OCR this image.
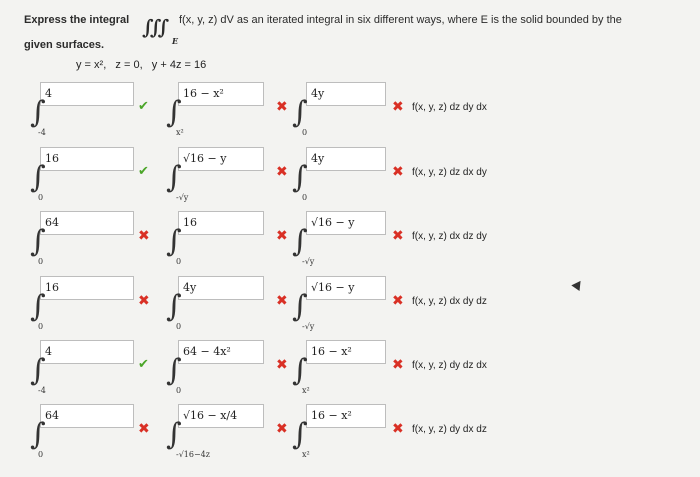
Express the integral ∭
E
f(x, y, z) dV as an iterated integral in six different ways, where E is the solid bounded by the
given surfaces.
y = x²,   z = 0,   y + 4z = 16
4
∫
-4
✔
16 − x²
∫
x²
✖
4y
∫
0
✖ f(x, y, z) dz dy dx
16
∫
0
✔
√16 − y
∫
-√y
✖
4y
∫
0
✖ f(x, y, z) dz dx dy
64
∫
0
✖
16
∫
0
✖
√16 − y
∫
-√y
✖ f(x, y, z) dx dz dy
16
∫
0
✖
4y
∫
0
✖
√16 − y
∫
-√y
✖ f(x, y, z) dx dy dz
4
∫
-4
✔
64 − 4x²
∫
0
✖
16 − x²
∫
x²
✖ f(x, y, z) dy dz dx
64
∫
0
✖
√16 − x/4
∫
-√16−4z
✖
16 − x²
∫
x²
✖ f(x, y, z) dy dx dz
